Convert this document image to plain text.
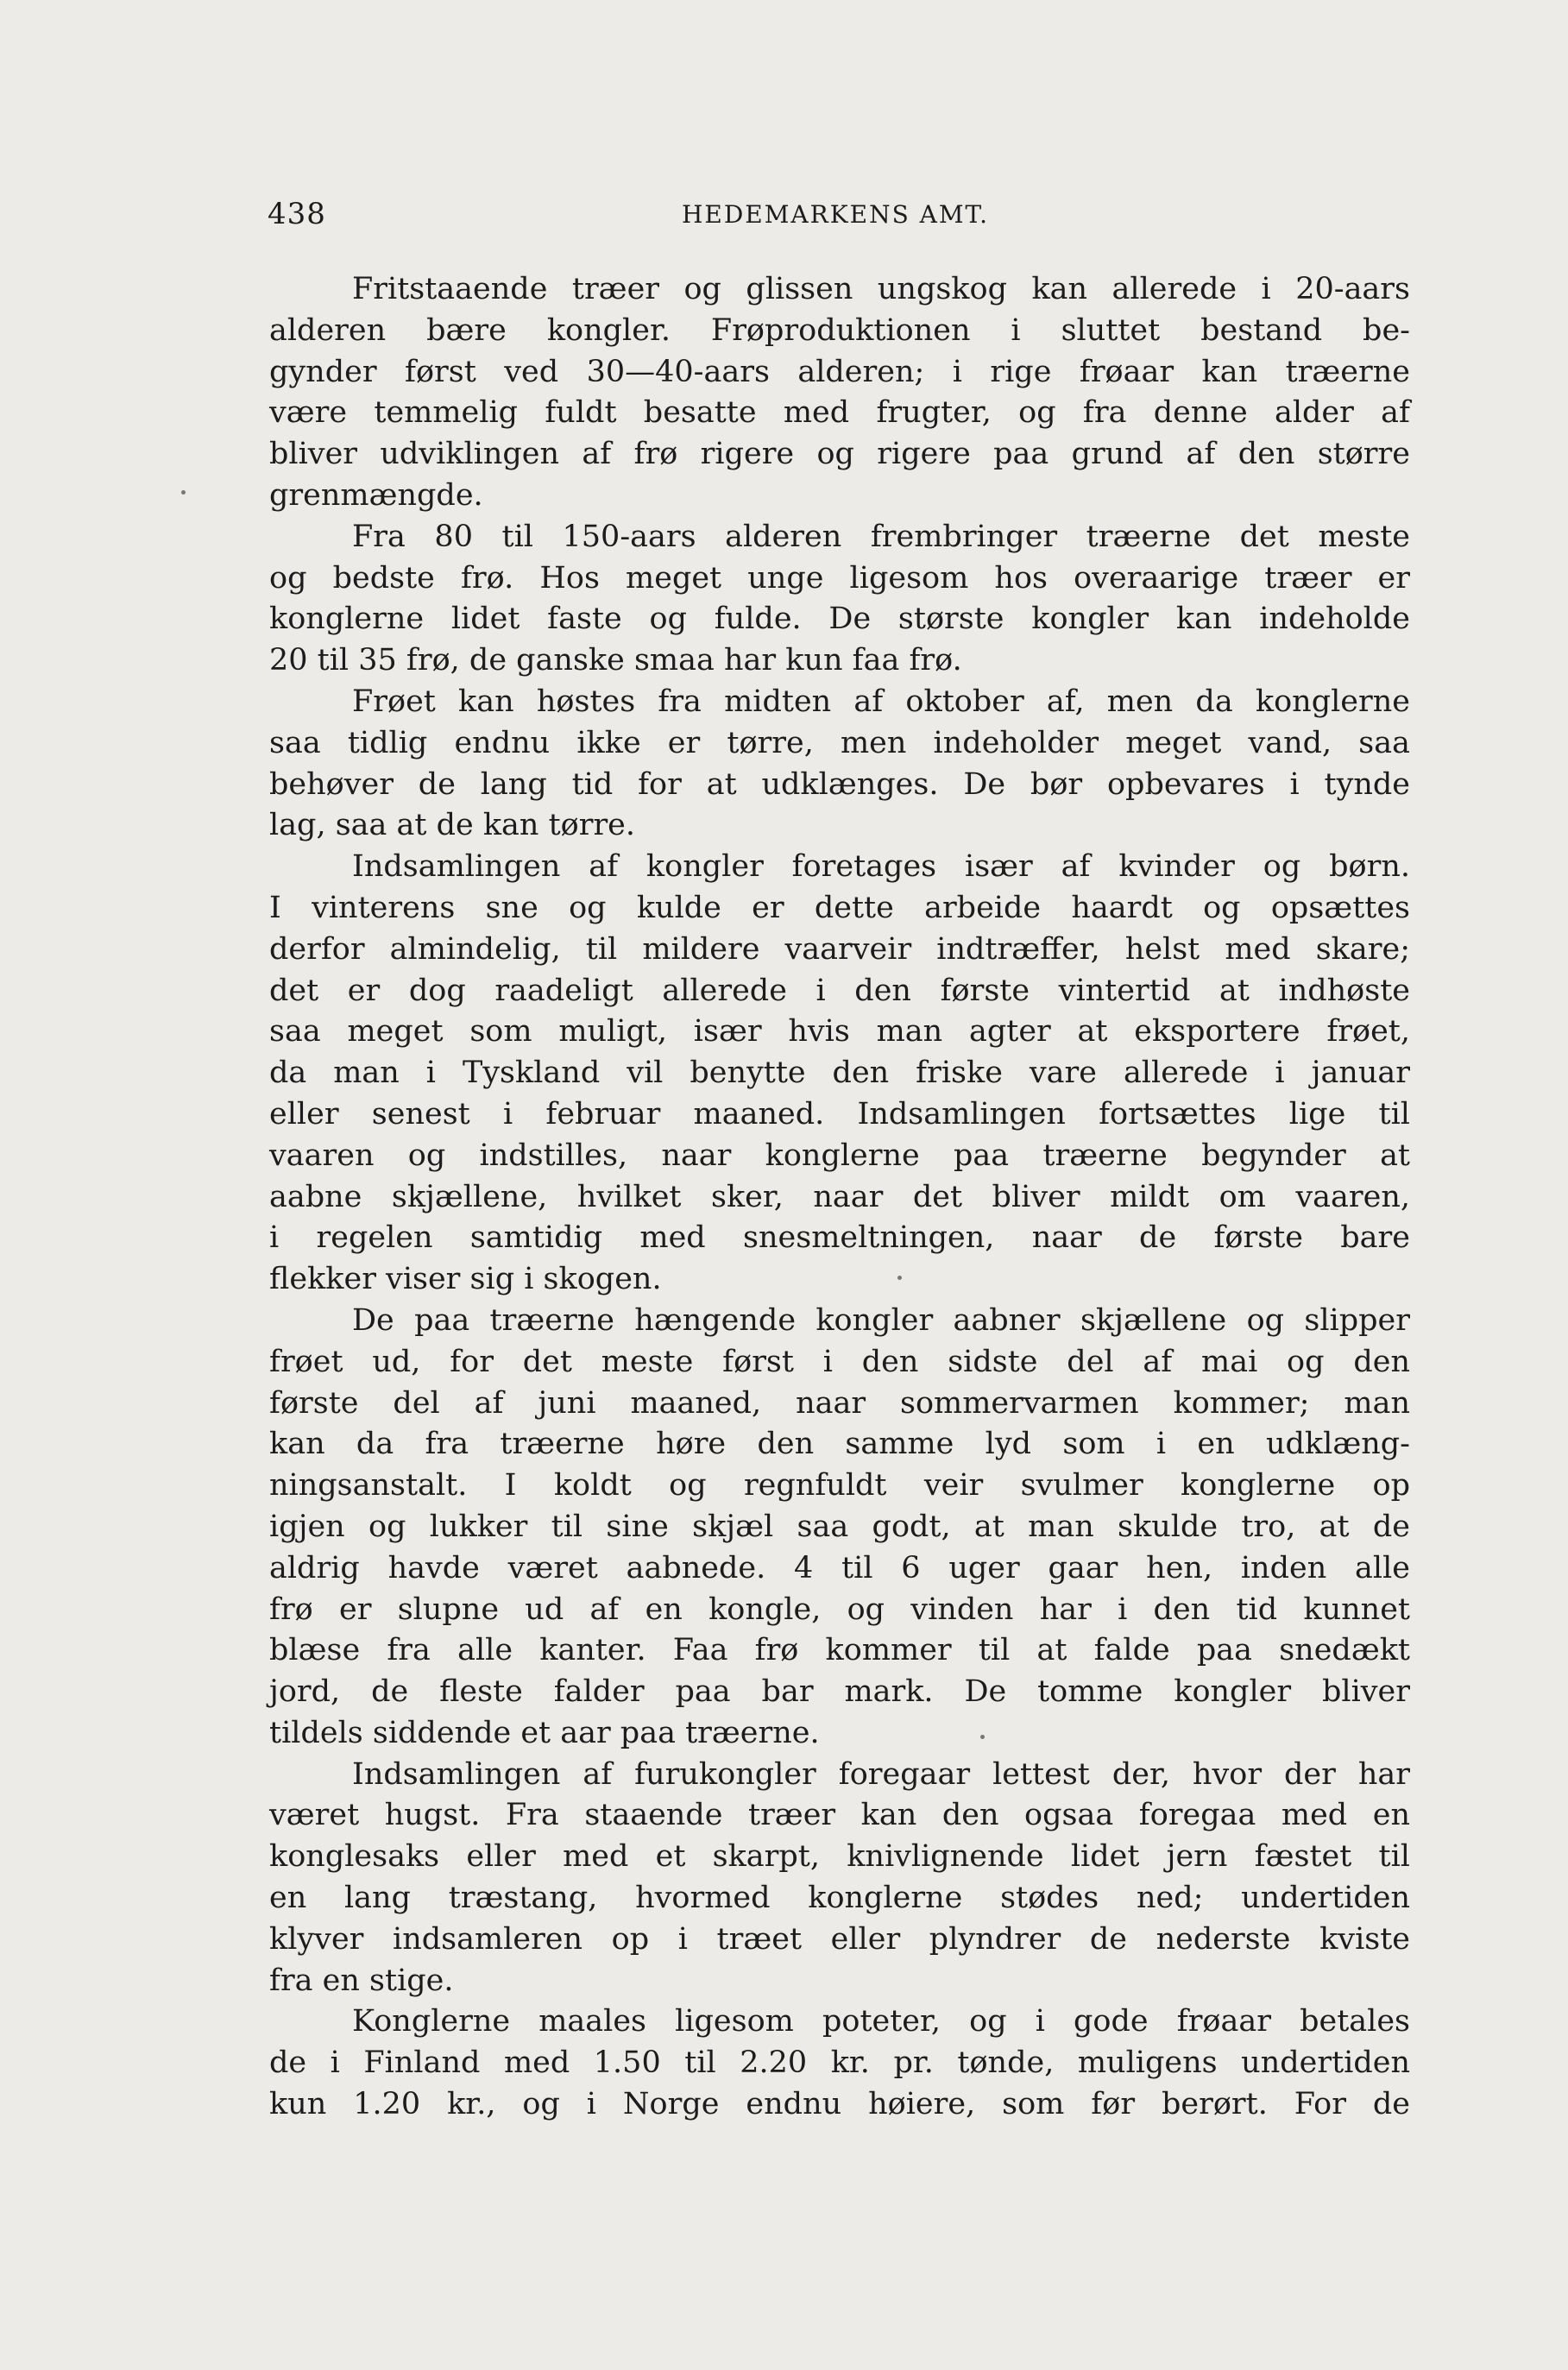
438	HEDEMARKENS AMT.
Fritstaaende træer og glissen ungskog kan allerede i 20-aars
alderen bære kongler. Frøproduktionen i sluttet bestand be-
gynder først ved 30—40-aars alderen; i rige frøaar kan træerne
være temmelig fuldt besatte med frugter, og fra denne alder af
bliver udviklingen af frø rigere og rigere paa grund af den større
grenmængde.
Fra 80 til 150-aars alderen frembringer træerne det meste
og bedste frø. Hos meget unge ligesom hos overaarige træer er
konglerne lidet faste og fulde. De største kongler kan indeholde
20 til 35 frø, de ganske smaa har kun faa frø.
Frøet kan høstes fra midten af oktober af, men da konglerne
saa tidlig endnu ikke er tørre, men indeholder meget vand, saa
behøver de lang tid for at udklænges. De bør opbevares i tynde
lag, saa at de kan tørre.
Indsamlingen af kongler foretages især af kvinder og børn.
I vinterens sne og kulde er dette arbeide haardt og opsættes
derfor almindelig, til mildere vaarveir indtræffer, helst med skare;
det er dog raadeligt allerede i den første vintertid at indhøste
saa meget som muligt, især hvis man agter at eksportere frøet,
da man i Tyskland vil benytte den friske vare allerede i januar
eller senest i februar maaned. Indsamlingen fortsættes lige til
vaaren og indstilles, naar konglerne paa træerne begynder at
aabne skjællene, hvilket sker, naar det bliver mildt om vaaren,
i regelen samtidig med snesmeltningen, naar de første bare
flekker viser sig i skogen.
De paa træerne hængende kongler aabner skjællene og slipper
frøet ud, for det meste først i den sidste del af mai og den
første del af juni maaned, naar sommervarmen kommer; man
kan da fra træerne høre den samme lyd som i en udklæng-
ningsanstalt. I koldt og regnfuldt veir svulmer konglerne op
igjen og lukker til sine skjæl saa godt, at man skulde tro, at de
aldrig havde været aabnede. 4 til 6 uger gaar hen, inden alle
frø er slupne ud af en kongle, og vinden har i den tid kunnet
blæse fra alle kanter. Faa frø kommer til at falde paa snedækt
jord, de fleste falder paa bar mark. De tomme kongler bliver
tildels siddende et aar paa træerne.
Indsamlingen af furukongler foregaar lettest der, hvor der har
været hugst. Fra staaende træer kan den ogsaa foregaa med en
konglesaks eller med et skarpt, knivlignende lidet jern fæstet til
en lang træstang, hvormed konglerne stødes ned; undertiden
klyver indsamleren op i træet eller plyndrer de nederste kviste
fra en stige.
Konglerne maales ligesom poteter, og i gode frøaar betales
de i Finland med 1.50 til 2.20 kr. pr. tønde, muligens undertiden
kun 1.20 kr., og i Norge endnu høiere, som før berørt. For de
